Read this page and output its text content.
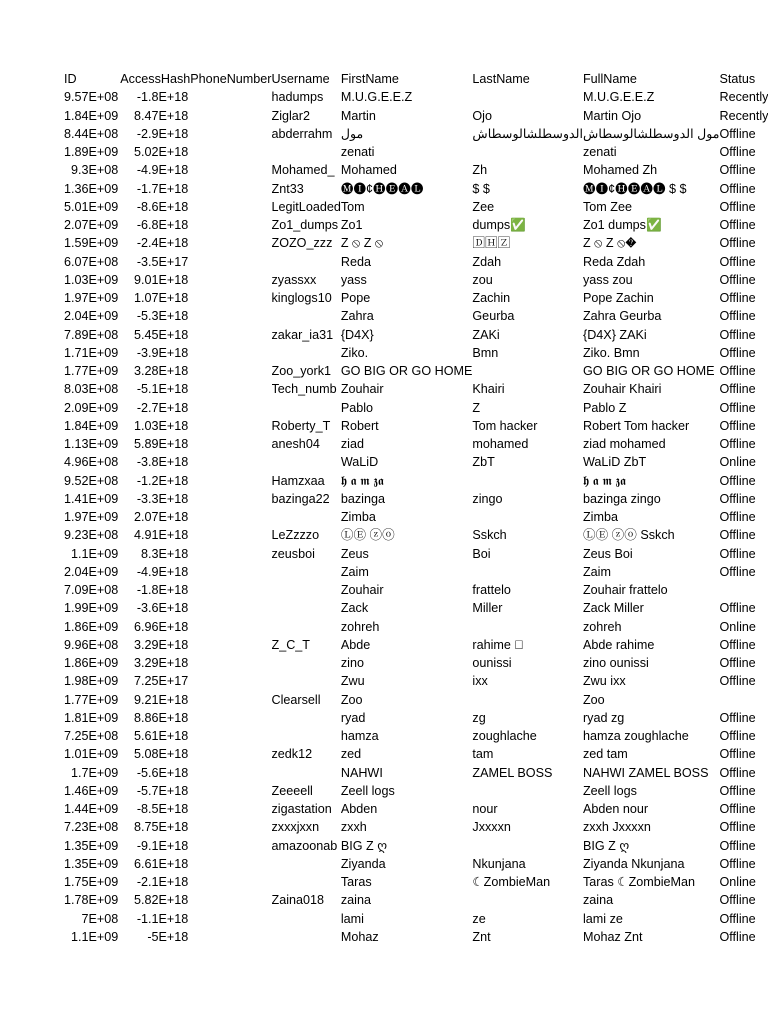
ID	AccessHash	PhoneNumber	Username	FirstName	LastName	FullName	Status
9.57E+08	-1.8E+18		hadumps	M.U.G.E.E.Z		M.U.G.E.E.Z	Recently
1.84E+09	8.47E+18		Ziglar2	Martin	Ojo	Martin Ojo	Recently
8.44E+08	-2.9E+18		abderrahm	مول	الدوسطلشالوسطاش	مول الدوسطلشالوسطاش	Offline
1.89E+09	5.02E+18			zenati		zenati	Offline
9.3E+08	-4.9E+18		Mohamed_	Mohamed	Zh	Mohamed Zh	Offline
1.36E+09	-1.7E+18		Znt33	🅜🅘¢🅗🅔🅐🅛	$ $	🅜🅘¢🅗🅔🅐🅛 $ $	Offline
5.01E+09	-8.6E+18		LegitLoaded	Tom	Zee	Tom Zee	Offline
2.07E+09	-6.8E+18		Zo1_dumps	Zo1	dumps✅	Zo1 dumps✅	Offline
1.59E+09	-2.4E+18		ZOZO_zzz	Z ⦸ Z ⦸	🄳🄷🅉	Z ⦸ Z ⦸�	Offline
6.07E+08	-3.5E+17			Reda	Zdah	Reda Zdah	Offline
1.03E+09	9.01E+18		zyassxx	yass	zou	yass zou	Offline
1.97E+09	1.07E+18		kinglogs10	Pope	Zachin	Pope Zachin	Offline
2.04E+09	-5.3E+18			Zahra	Geurba	Zahra Geurba	Offline
7.89E+08	5.45E+18		zakar_ia31	{D4X}	ZAKi	{D4X} ZAKi	Offline
1.71E+09	-3.9E+18			Ziko.	Bmn	Ziko. Bmn	Offline
1.77E+09	3.28E+18		Zoo_york1	GO BIG OR GO HOME		GO BIG OR GO HOME	Offline
8.03E+08	-5.1E+18		Tech_numb	Zouhair	Khairi	Zouhair Khairi	Offline
2.09E+09	-2.7E+18			Pablo	Z	Pablo Z	Offline
1.84E+09	1.03E+18		Roberty_T	Robert	Tom hacker	Robert Tom hacker	Offline
1.13E+09	5.89E+18		anesh04	ziad	mohamed	ziad mohamed	Offline
4.96E+08	-3.8E+18			WaLiD	ZbT	WaLiD ZbT	Online
9.52E+08	-1.2E+18		Hamzxaa	𝖍 𝖆 𝖒 𝖟𝖆		𝖍 𝖆 𝖒 𝖟𝖆	Offline
1.41E+09	-3.3E+18		bazinga22	bazinga	zingo	bazinga zingo	Offline
1.97E+09	2.07E+18			Zimba		Zimba	Offline
9.23E+08	4.91E+18		LeZzzzo	ⓁⒺ ⓩⓞ	Sskch	ⓁⒺ ⓩⓞ Sskch	Offline
1.1E+09	8.3E+18		zeusboi	Zeus	Boi	Zeus Boi	Offline
2.04E+09	-4.9E+18			Zaim		Zaim	Offline
7.09E+08	-1.8E+18			Zouhair	frattelo	Zouhair frattelo	
1.99E+09	-3.6E+18			Zack	Miller	Zack Miller	Offline
1.86E+09	6.96E+18			zohreh		zohreh	Online
9.96E+08	3.29E+18		Z_C_T	Abde	rahime ⃞	Abde rahime	Offline
1.86E+09	3.29E+18			zino	ounissi	zino ounissi	Offline
1.98E+09	7.25E+17			Zwu	ixx	Zwu ixx	Offline
1.77E+09	9.21E+18		Clearsell	Zoo		Zoo	
1.81E+09	8.86E+18			ryad	zg	ryad zg	Offline
7.25E+08	5.61E+18			hamza	zoughlache	hamza zoughlache	Offline
1.01E+09	5.08E+18		zedk12	zed	tam	zed tam	Offline
1.7E+09	-5.6E+18			NAHWI	ZAMEL BOSS	NAHWI ZAMEL BOSS	Offline
1.46E+09	-5.7E+18		Zeeeell	Zeell logs		Zeell logs	Offline
1.44E+09	-8.5E+18		zigastation	Abden	nour	Abden nour	Offline
7.23E+08	8.75E+18		zxxxjxxn	zxxh	Jxxxxn	zxxh Jxxxxn	Offline
1.35E+09	-9.1E+18		amazoonab	BIG Z ღ		BIG Z ღ	Offline
1.35E+09	6.61E+18			Ziyanda	Nkunjana	Ziyanda Nkunjana	Offline
1.75E+09	-2.1E+18			Taras	☾ZombieMan	Taras ☾ZombieMan	Online
1.78E+09	5.82E+18		Zaina018	zaina		zaina	Offline
7E+08	-1.1E+18			lami	ze	lami ze	Offline
1.1E+09	-5E+18			Mohaz	Znt	Mohaz Znt	Offline
